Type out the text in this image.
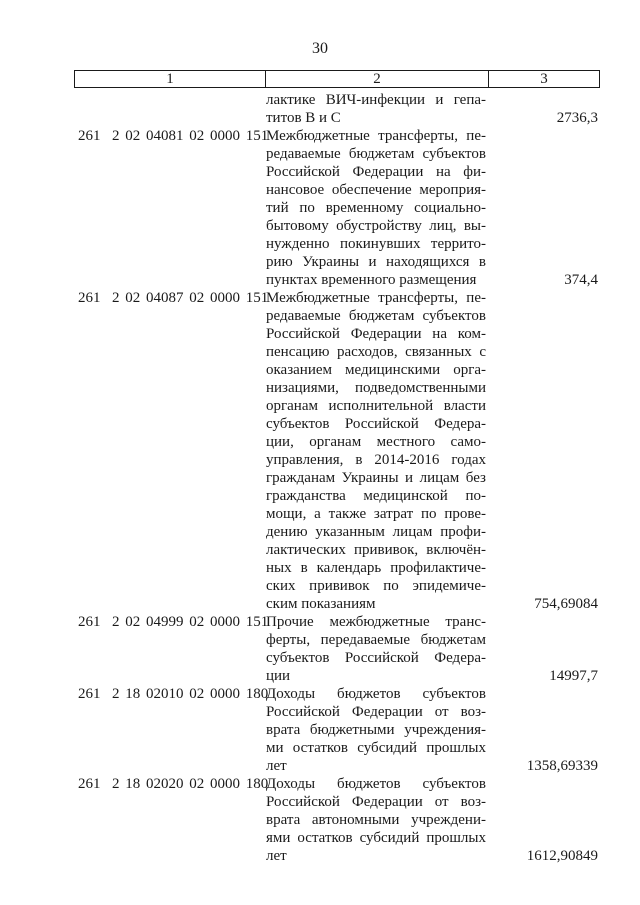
30
1	2	3
лактике ВИЧ-инфекции и гепа-
титов В и С	2736,3
261  2 02 04081 02 0000 151
Межбюджетные трансферты, пе-
редаваемые бюджетам субъектов
Российской Федерации на фи-
нансовое обеспечение мероприя-
тий по временному социально-
бытовому обустройству лиц, вы-
нужденно покинувших террито-
рию Украины и находящихся в
пунктах временного размещения	374,4
261  2 02 04087 02 0000 151
Межбюджетные трансферты, пе-
редаваемые бюджетам субъектов
Российской Федерации на ком-
пенсацию расходов, связанных с
оказанием медицинскими орга-
низациями, подведомственными
органам исполнительной власти
субъектов Российской Федера-
ции, органам местного само-
управления, в 2014-2016 годах
гражданам Украины и лицам без
гражданства медицинской по-
мощи, а также затрат по прове-
дению указанным лицам профи-
лактических прививок, включён-
ных в календарь профилактиче-
ских прививок по эпидемиче-
ским показаниям	754,69084
261  2 02 04999 02 0000 151
Прочие межбюджетные транс-
ферты, передаваемые бюджетам
субъектов Российской Федера-
ции	14997,7
261  2 18 02010 02 0000 180
Доходы бюджетов субъектов
Российской Федерации от воз-
врата бюджетными учреждения-
ми остатков субсидий прошлых
лет	1358,69339
261  2 18 02020 02 0000 180
Доходы бюджетов субъектов
Российской Федерации от воз-
врата автономными учреждени-
ями остатков субсидий прошлых
лет	1612,90849
